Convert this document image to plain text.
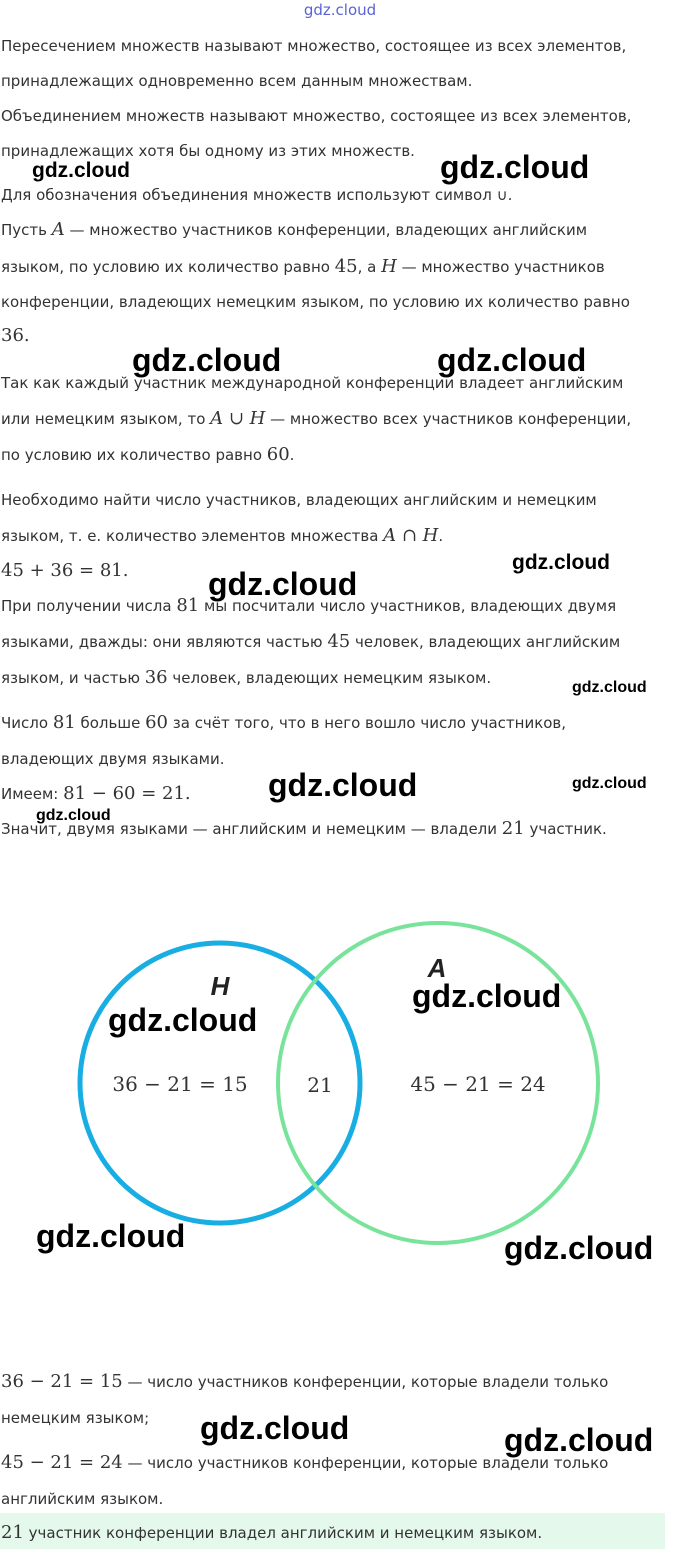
gdz.cloud
Пересечением множеств называют множество, состоящее из всех элементов,
принадлежащих одновременно всем данным множествам.
Объединением множеств называют множество, состоящее из всех элементов,
принадлежащих хотя бы одному из этих множеств.
Для обозначения объединения множеств используют символ ∪.
Пусть A — множество участников конференции, владеющих английским
языком, по условию их количество равно 45, а H — множество участников
конференции, владеющих немецким языком, по условию их количество равно
36.
Так как каждый участник международной конференции владеет английским
или немецким языком, то A ∪ H — множество всех участников конференции,
по условию их количество равно 60.
Необходимо найти число участников, владеющих английским и немецким
языком, т. е. количество элементов множества A ∩ H.
45 + 36 = 81.
При получении числа 81 мы посчитали число участников, владеющих двумя
языками, дважды: они являются частью 45 человек, владеющих английским
языком, и частью 36 человек, владеющих немецким языком.
Число 81 больше 60 за счёт того, что в него вошло число участников,
владеющих двумя языками.
Имеем: 81 − 60 = 21.
Значит, двумя языками — английским и немецким — владели 21 участник.
H
A
36 − 21 = 15	21	45 − 21 = 24
36 − 21 = 15 — число участников конференции, которые владели только
немецким языком;
45 − 21 = 24 — число участников конференции, которые владели только
английским языком.
21 участник конференции владел английским и немецким языком.
gdz.cloud	gdz.cloud
gdz.cloud	gdz.cloud
gdz.cloud
gdz.cloud
gdz.cloud
gdz.cloud	gdz.cloud
gdz.cloud
gdz.cloud
gdz.cloud
gdz.cloud	gdz.cloud
gdz.cloud	gdz.cloud
